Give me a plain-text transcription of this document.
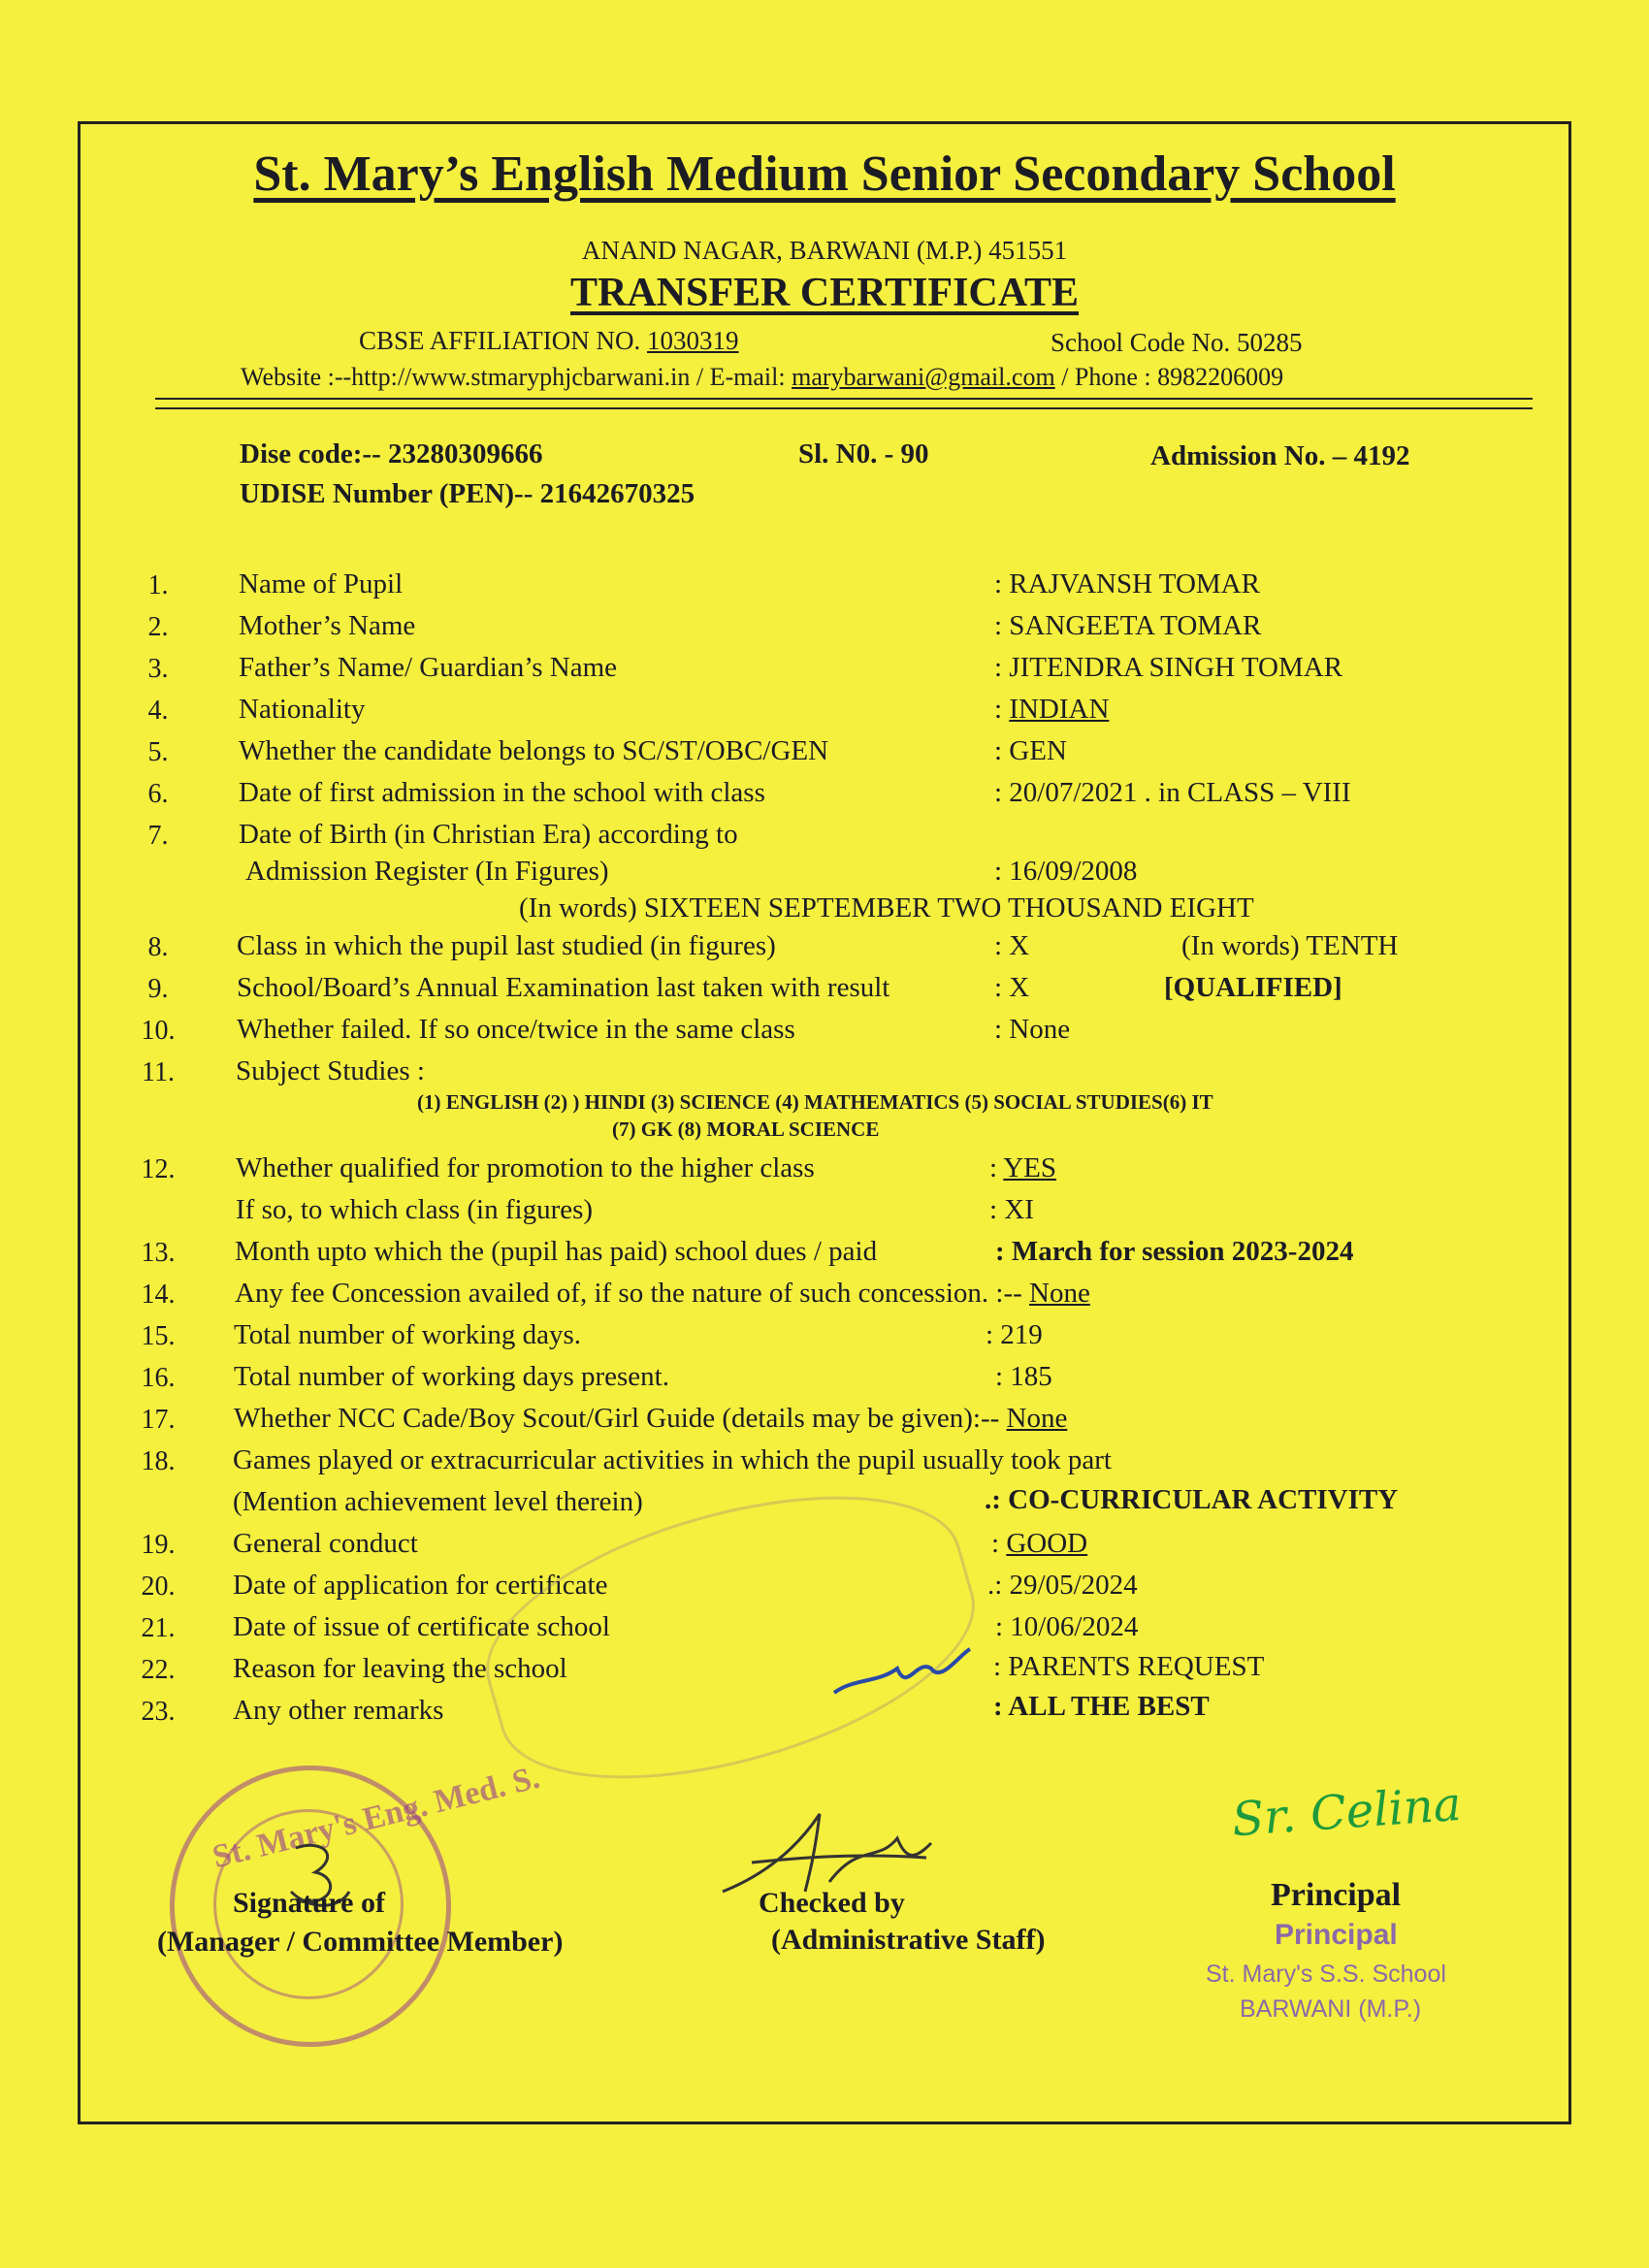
St. Mary’s English Medium Senior Secondary School
ANAND NAGAR, BARWANI (M.P.) 451551
TRANSFER CERTIFICATE
CBSE AFFILIATION NO. 1030319	School Code No. 50285
Website :--http://www.stmaryphjcbarwani.in / E-mail: marybarwani@gmail.com / Phone : 8982206009
Dise code:-- 23280309666	Sl. N0. - 90	Admission No. – 4192
UDISE Number (PEN)-- 21642670325
1.	Name of Pupil	: RAJVANSH TOMAR
2.	Mother’s Name	: SANGEETA TOMAR
3.	Father’s Name/ Guardian’s Name	: JITENDRA SINGH TOMAR
4.	Nationality	: INDIAN
5.	Whether the candidate belongs to SC/ST/OBC/GEN	: GEN
6.	Date of first admission in the school with class	: 20/07/2021 . in CLASS – VIII
7.	Date of Birth (in Christian Era) according to
Admission Register (In Figures)	: 16/09/2008
(In words) SIXTEEN SEPTEMBER TWO THOUSAND EIGHT
8.	Class in which the pupil last studied (in figures)	: X	(In words) TENTH
9.	School/Board’s Annual Examination last taken with result	: X	[QUALIFIED]
10.	Whether failed. If so once/twice in the same class	: None
11.	Subject Studies :
(1) ENGLISH (2) ) HINDI (3) SCIENCE (4) MATHEMATICS (5) SOCIAL STUDIES(6) IT
(7) GK (8) MORAL SCIENCE
12.	Whether qualified for promotion to the higher class	: YES
If so, to which class (in figures)	: XI
13.	Month upto which the (pupil has paid) school dues / paid	: March for session 2023-2024
14.	Any fee Concession availed of, if so the nature of such concession. :-- None
15.	Total number of working days.	: 219
16.	Total number of working days present.	: 185
17.	Whether NCC Cade/Boy Scout/Girl Guide (details may be given):-- None
18.	Games played or extracurricular activities in which the pupil usually took part
(Mention achievement level therein)	.: CO-CURRICULAR ACTIVITY
19.	General conduct	: GOOD
20.	Date of application for certificate	.: 29/05/2024
21.	Date of issue of certificate school	: 10/06/2024
22.	Reason for leaving the school	: PARENTS REQUEST
23.	Any other remarks	: ALL THE BEST
St. Mary's Eng. Med. S.	Sr. Celina
Signature of
(Manager / Committee Member)
Checked by
(Administrative Staff)
Principal
Principal
St. Mary's S.S. School
BARWANI (M.P.)
